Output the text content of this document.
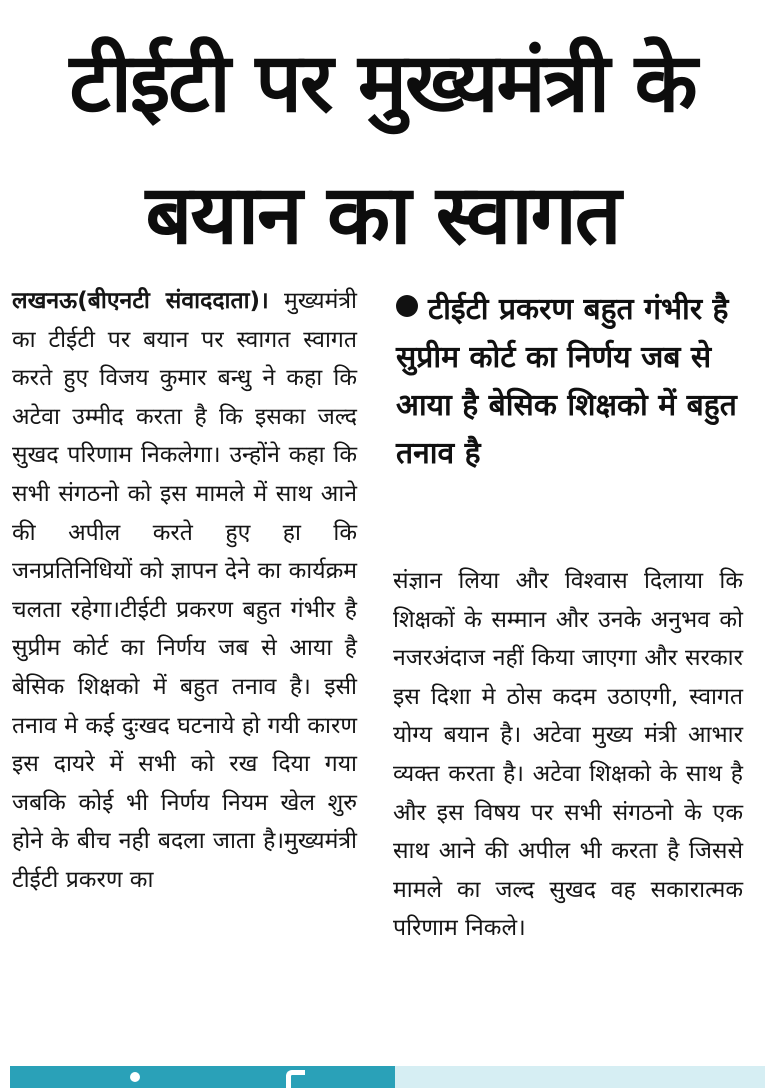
टीईटी पर मुख्यमंत्री के
बयान का स्वागत
लखनऊ(बीएनटी संवाददाता)। मुख्यमंत्री का टीईटी पर बयान पर स्वागत स्वागत करते हुए विजय कुमार बन्धु ने कहा कि अटेवा उम्मीद करता है कि इसका जल्द सुखद परिणाम निकलेगा। उन्होंने कहा कि सभी संगठनो को इस मामले में साथ आने की अपील करते हुए हा कि जनप्रतिनिधियों को ज्ञापन देने का कार्यक्रम चलता रहेगा।टीईटी प्रकरण बहुत गंभीर है सुप्रीम कोर्ट का निर्णय जब से आया है बेसिक शिक्षको में बहुत तनाव है। इसी तनाव मे कई दुःखद घटनाये हो गयी कारण इस दायरे में सभी को रख दिया गया जबकि कोई भी निर्णय नियम खेल शुरु होने के बीच नही बदला जाता है।मुख्यमंत्री टीईटी प्रकरण का
टीईटी प्रकरण बहुत गंभीर है सुप्रीम कोर्ट का निर्णय जब से आया है बेसिक शिक्षको में बहुत तनाव है
संज्ञान लिया और विश्वास दिलाया कि शिक्षकों के सम्मान और उनके अनुभव को नजरअंदाज नहीं किया जाएगा और सरकार इस दिशा मे ठोस कदम उठाएगी, स्वागत योग्य बयान है। अटेवा मुख्य मंत्री आभार व्यक्त करता है। अटेवा शिक्षको के साथ है और इस विषय पर सभी संगठनो के एक साथ आने की अपील भी करता है जिससे मामले का जल्द सुखद वह सकारात्मक परिणाम निकले।
